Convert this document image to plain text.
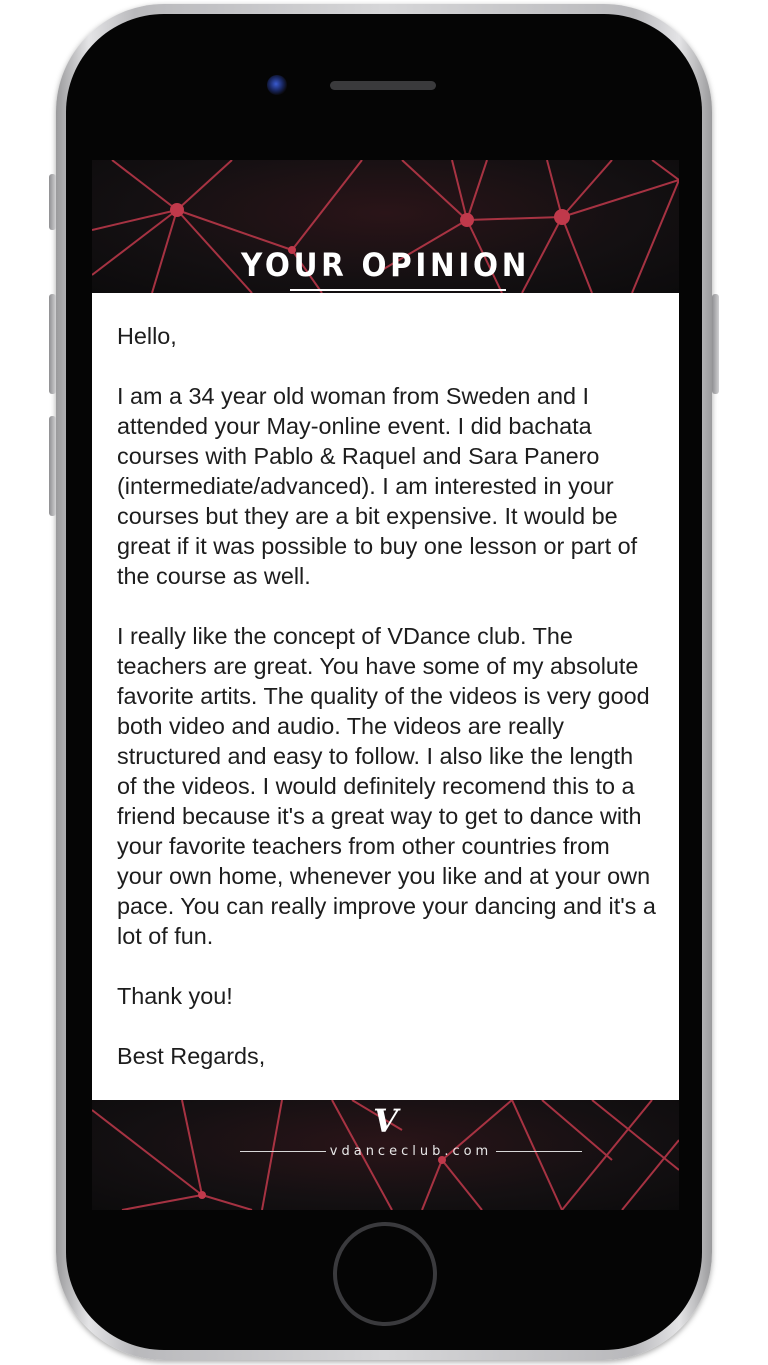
YOUR OPINION

Hello,

I am a 34 year old woman from Sweden and I attended your May-online event. I did bachata courses with Pablo & Raquel and Sara Panero (intermediate/advanced). I am interested in your courses but they are a bit expensive. It would be great if it was possible to buy one lesson or part of the course as well.

I really like the concept of VDance club. The teachers are great. You have some of my absolute favorite artits. The quality of the videos is very good both video and audio. The videos are really structured and easy to follow. I also like the length of the videos. I would definitely recomend this to a friend because it's a great way to get to dance with your favorite teachers from other countries from your own home, whenever you like and at your own pace. You can really improve your dancing and it's a lot of fun.

Thank you!

Best Regards,

V
vdanceclub.com
